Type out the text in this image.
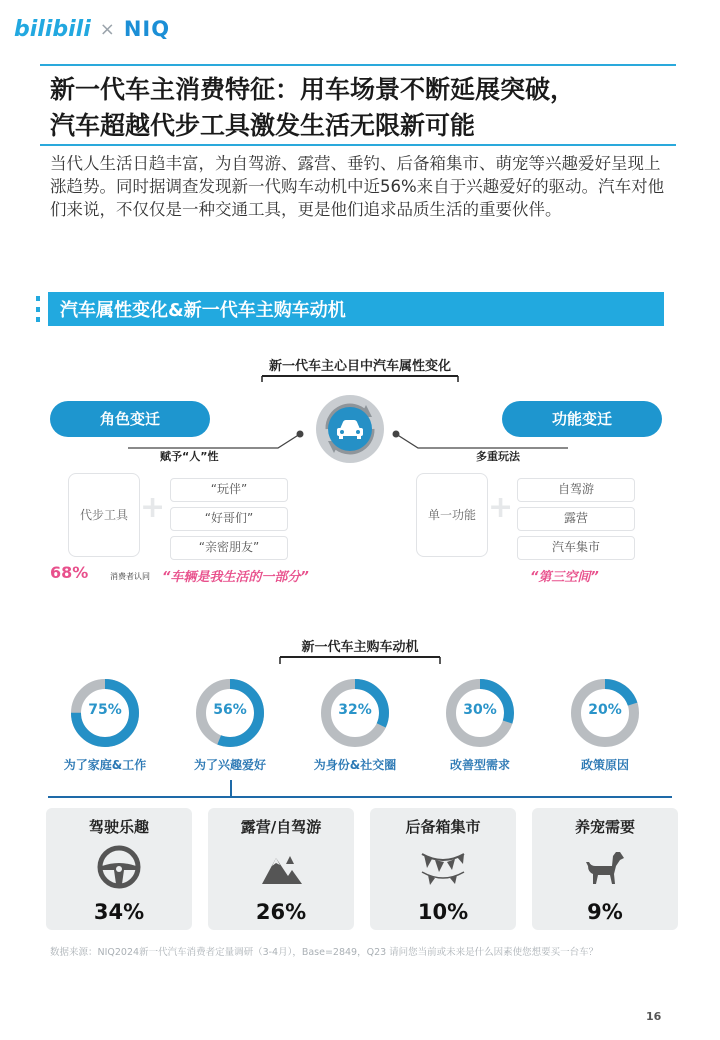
bilibili × NIQ
新一代车主消费特征：用车场景不断延展突破，
汽车超越代步工具激发生活无限新可能
当代人生活日趋丰富，为自驾游、露营、垂钓、后备箱集市、萌宠等兴趣爱好呈现上涨趋势。同时据调查发现新一代购车动机中近56%来自于兴趣爱好的驱动。汽车对他们来说，不仅仅是一种交通工具，更是他们追求品质生活的重要伙伴。
汽车属性变化&新一代车主购车动机
新一代车主心目中汽车属性变化
角色变迁	功能变迁
赋予“人”性	多重玩法
代步工具 +
“玩伴”
“好哥们”
“亲密朋友”
单一功能 +
自驾游
露营
汽车集市
68%	消费者认同 “车辆是我生活的一部分”	“第三空间”
新一代车主购车动机
75%
为了家庭&工作
56%
为了兴趣爱好
32%
为身份&社交圈
30%
改善型需求
20%
政策原因
驾驶乐趣
34%
露营/自驾游
26%
后备箱集市
10%
养宠需要
9%
数据来源：NIQ2024新一代汽车消费者定量调研（3-4月），Base=2849，Q23 请问您当前或未来是什么因素使您想要买一台车？
16
